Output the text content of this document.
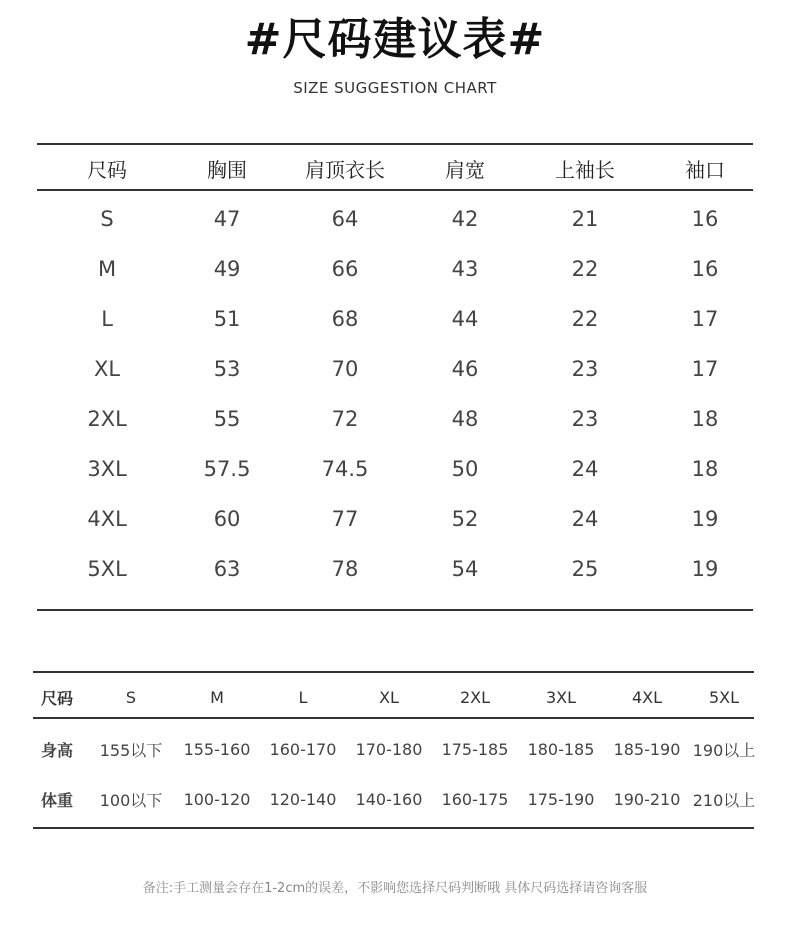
#尺码建议表#
SIZE SUGGESTION CHART
尺码	胸围	肩顶衣长	肩宽	上袖长	袖口

S	47	64	42	21	16
M	49	66	43	22	16
L	51	68	44	22	17
XL	53	70	46	23	17
2XL	55	72	48	23	18
3XL	57.5	74.5	50	24	18
4XL	60	77	52	24	19
5XL	63	78	54	25	19
尺码	S	M	L	XL	2XL	3XL	4XL	5XL

身高	155以下	155-160	160-170	170-180	175-185	180-185	185-190	190以上
体重	100以下	100-120	120-140	140-160	160-175	175-190	190-210	210以上
备注:手工测量会存在1-2cm的误差，不影响您选择尺码判断哦 具体尺码选择请咨询客服
